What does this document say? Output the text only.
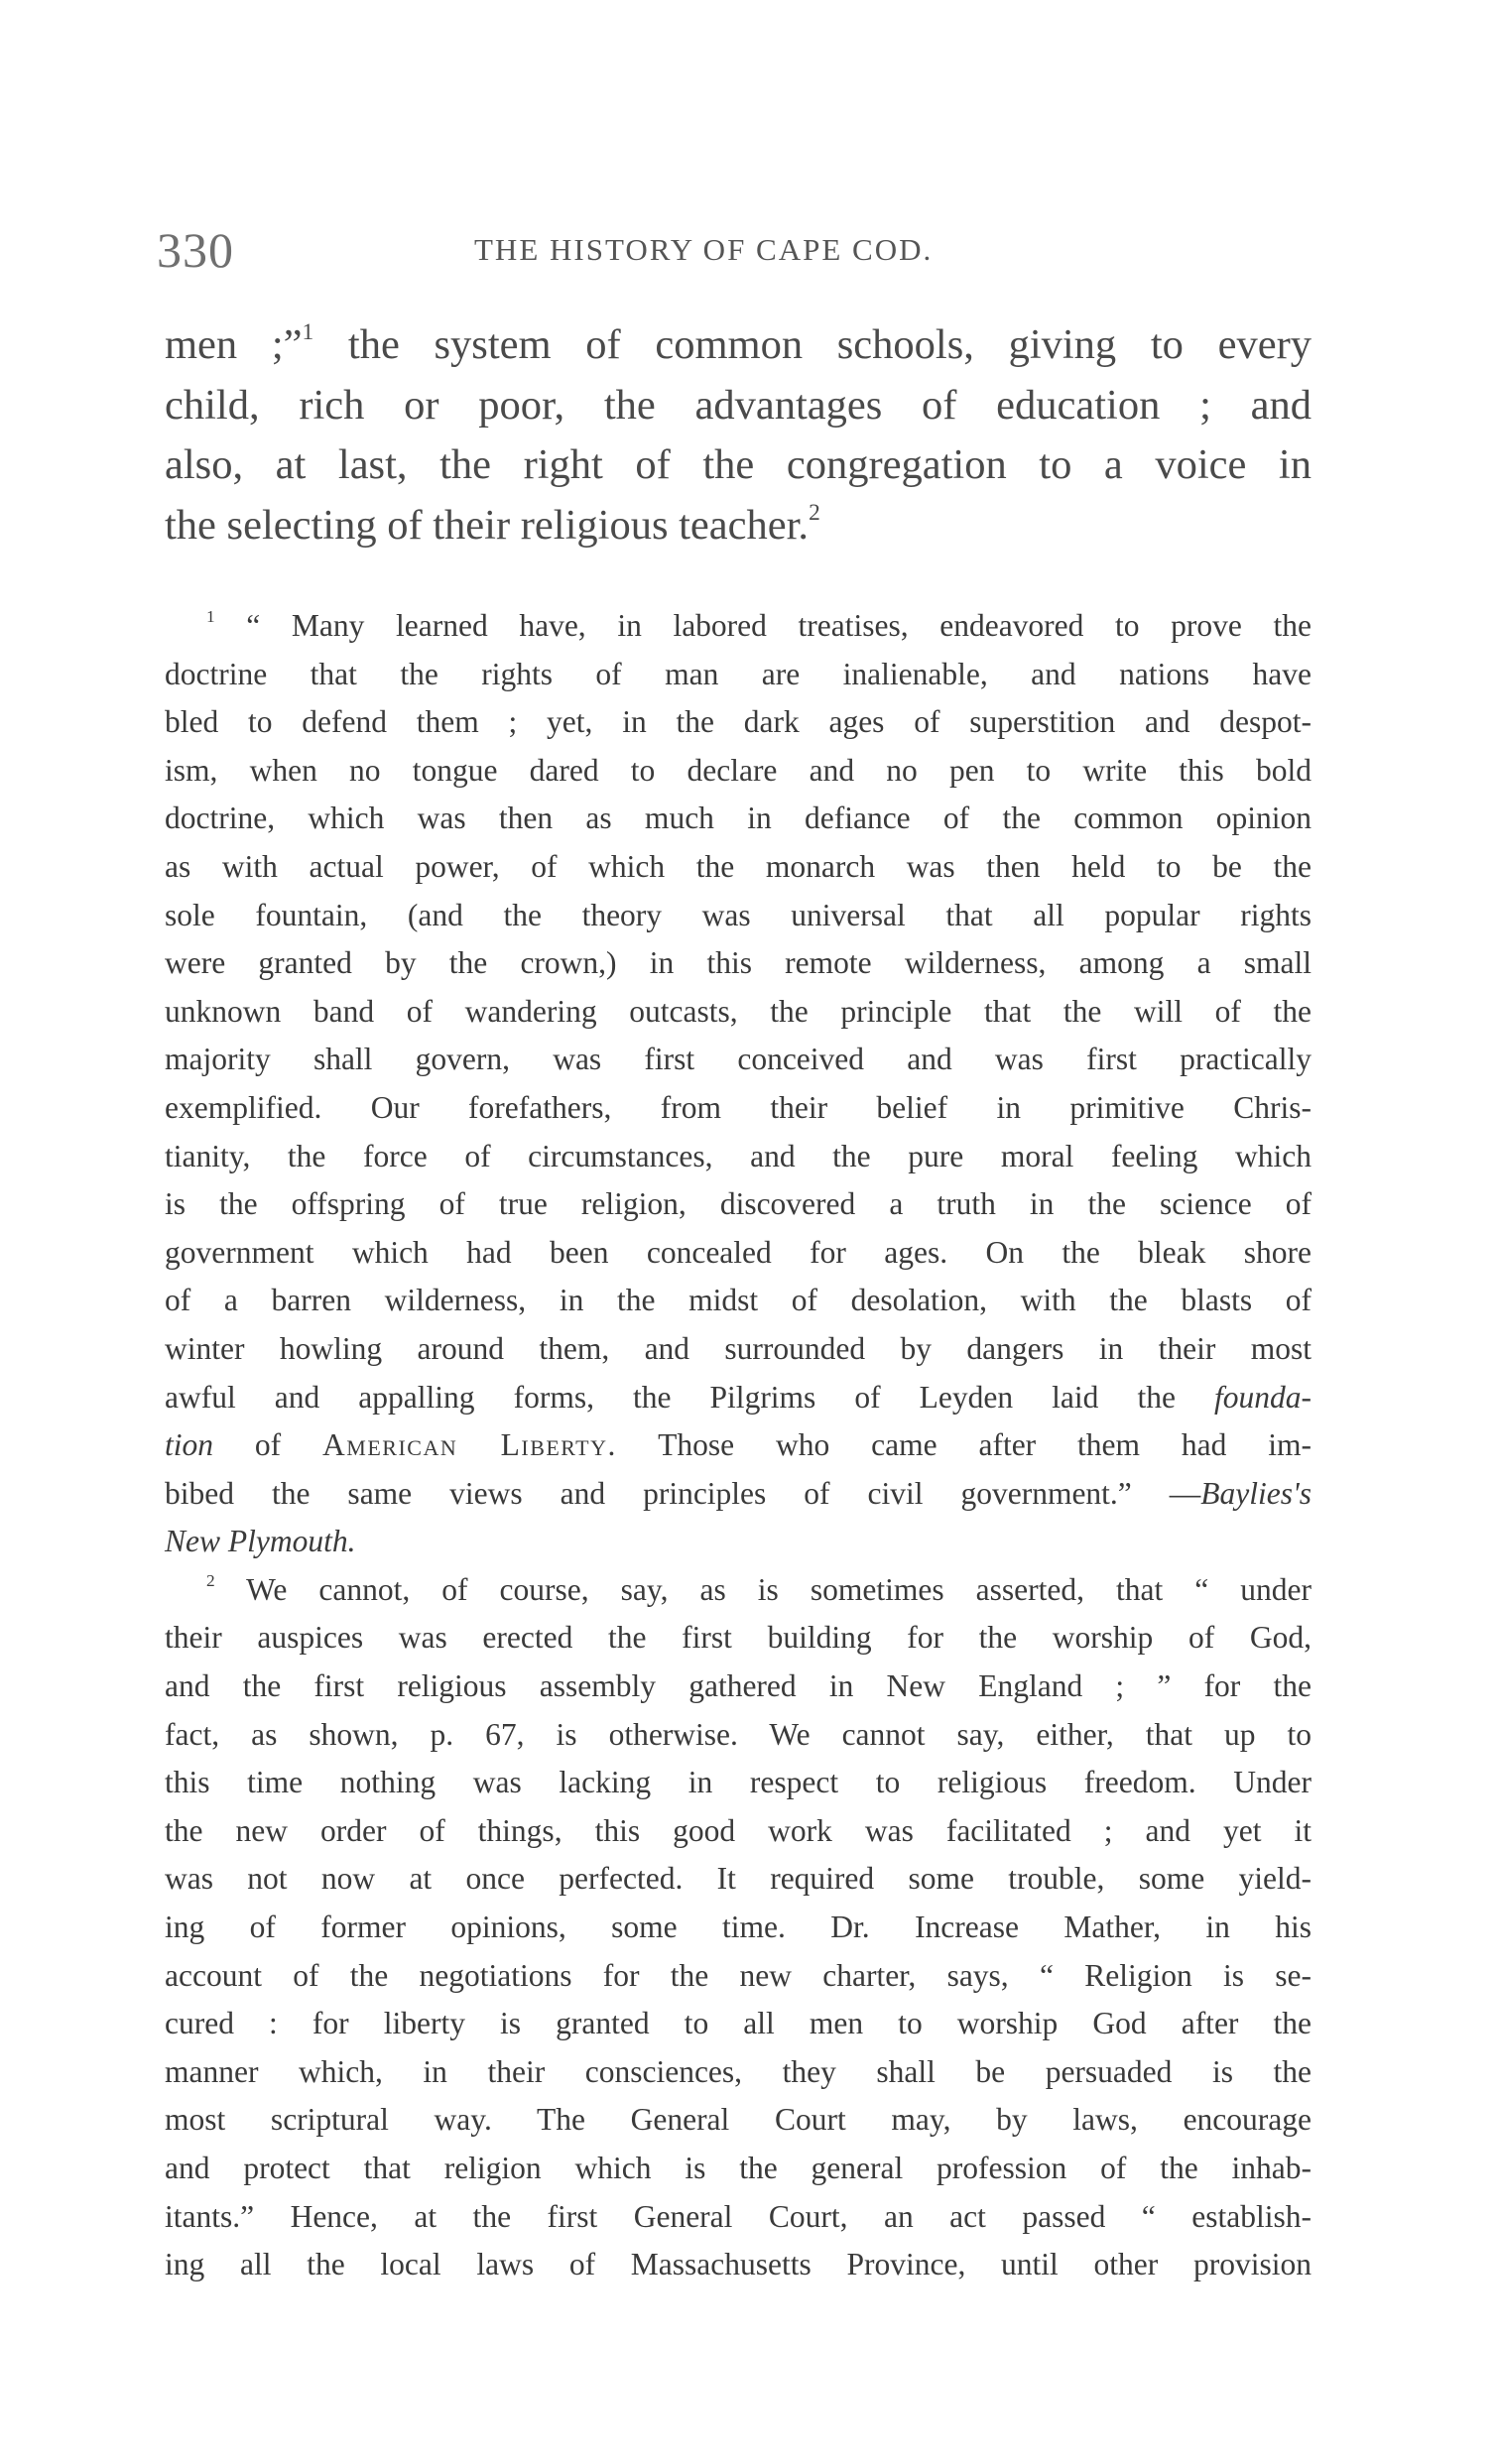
330	THE HISTORY OF CAPE COD.
men ;”$^1$ the system of common schools, giving to every
child, rich or poor, the advantages of education ; and
also, at last, the right of the congregation to a voice in
the selecting of their religious teacher.$^2$
$^1$ “ Many learned have, in labored treatises, endeavored to prove the
doctrine that the rights of man are inalienable, and nations have
bled to defend them ; yet, in the dark ages of superstition and despot-
ism, when no tongue dared to declare and no pen to write this bold
doctrine, which was then as much in defiance of the common opinion
as with actual power, of which the monarch was then held to be the
sole fountain, (and the theory was universal that all popular rights
were granted by the crown,) in this remote wilderness, among a small
unknown band of wandering outcasts, the principle that the will of the
majority shall govern, was first conceived and was first practically
exemplified. Our forefathers, from their belief in primitive Chris-
tianity, the force of circumstances, and the pure moral feeling which
is the offspring of true religion, discovered a truth in the science of
government which had been concealed for ages. On the bleak shore
of a barren wilderness, in the midst of desolation, with the blasts of
winter howling around them, and surrounded by dangers in their most
awful and appalling forms, the Pilgrims of Leyden laid the founda-
tion of American Liberty. Those who came after them had im-
bibed the same views and principles of civil government.” —Baylies's
New Plymouth.
$^2$ We cannot, of course, say, as is sometimes asserted, that “ under
their auspices was erected the first building for the worship of God,
and the first religious assembly gathered in New England ; ” for the
fact, as shown, p. 67, is otherwise. We cannot say, either, that up to
this time nothing was lacking in respect to religious freedom. Under
the new order of things, this good work was facilitated ; and yet it
was not now at once perfected. It required some trouble, some yield-
ing of former opinions, some time. Dr. Increase Mather, in his
account of the negotiations for the new charter, says, “ Religion is se-
cured : for liberty is granted to all men to worship God after the
manner which, in their consciences, they shall be persuaded is the
most scriptural way. The General Court may, by laws, encourage
and protect that religion which is the general profession of the inhab-
itants.” Hence, at the first General Court, an act passed “ establish-
ing all the local laws of Massachusetts Province, until other provision
